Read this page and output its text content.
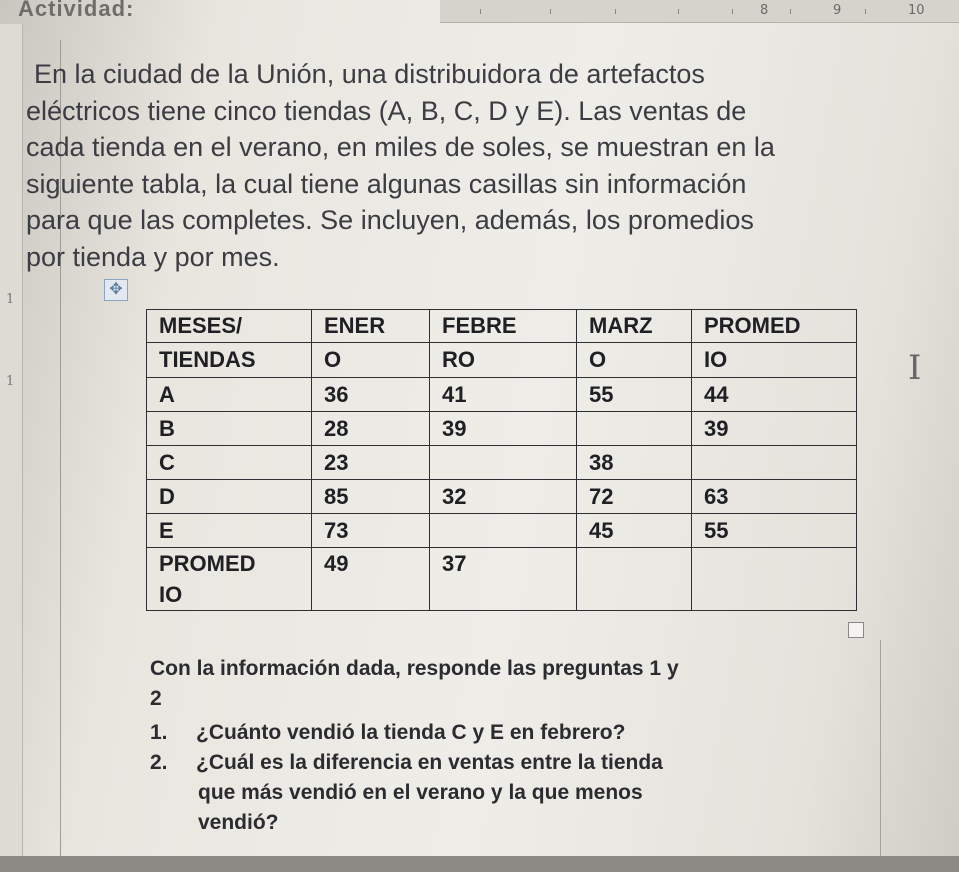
8	9	10
1
1
Actividad:
En la ciudad de la Unión, una distribuidora de artefactos
eléctricos tiene cinco tiendas (A, B, C, D y E). Las ventas de
cada tienda en el verano, en miles de soles, se muestran en la
siguiente tabla, la cual tiene algunas casillas sin información
para que las completes. Se incluyen, además, los promedios
por tienda y por mes.
✥
MESES/	ENER	FEBRE	MARZ	PROMED
TIENDAS	O	RO	O	IO
A	36	41	55	44
B	28	39		39
C	23		38	
D	85	32	72	63
E	73		45	55
PROMED	49	37		
IO				
I
Con la información dada, responde las preguntas 1 y
2
1. ¿Cuánto vendió la tienda C y E en febrero?
2. ¿Cuál es la diferencia en ventas entre la tienda
que más vendió en el verano y la que menos
vendió?
